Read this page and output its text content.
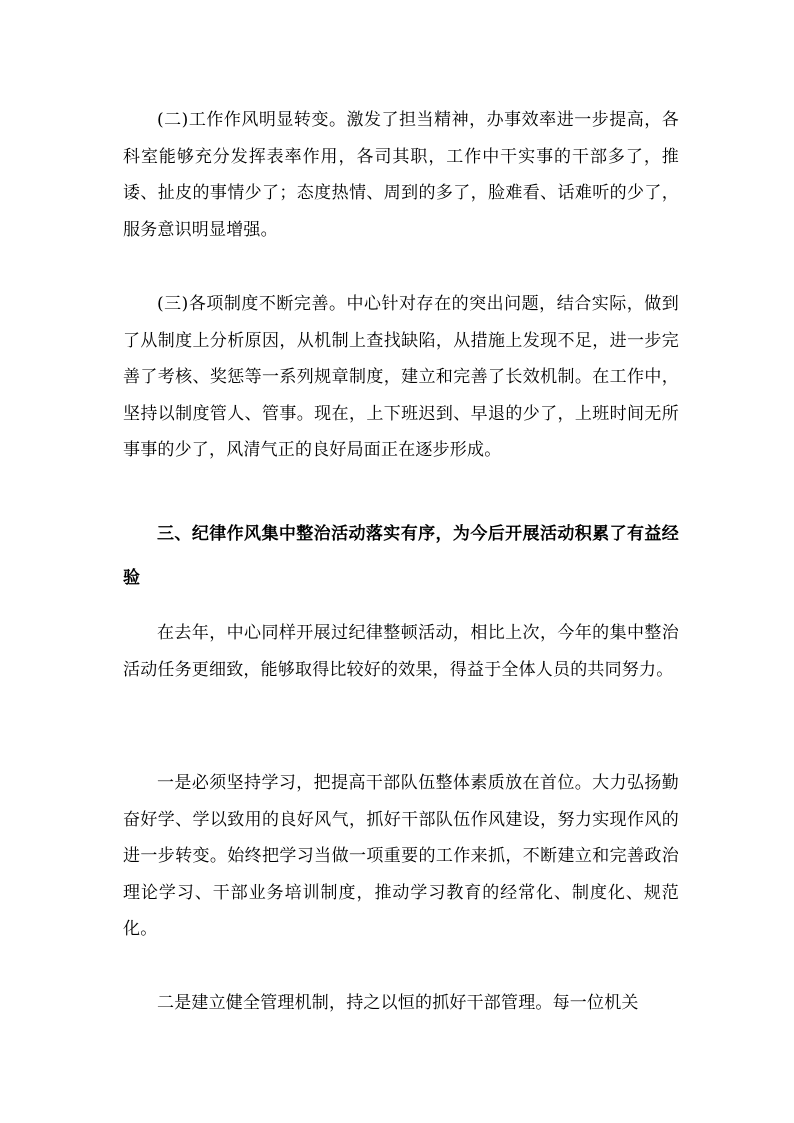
(二)工作作风明显转变。激发了担当精神，办事效率进一步提高，各科室能够充分发挥表率作用，各司其职，工作中干实事的干部多了，推诿、扯皮的事情少了；态度热情、周到的多了，脸难看、话难听的少了，服务意识明显增强。

(三)各项制度不断完善。中心针对存在的突出问题，结合实际，做到了从制度上分析原因，从机制上查找缺陷，从措施上发现不足，进一步完善了考核、奖惩等一系列规章制度，建立和完善了长效机制。在工作中，坚持以制度管人、管事。现在，上下班迟到、早退的少了，上班时间无所事事的少了，风清气正的良好局面正在逐步形成。

三、纪律作风集中整治活动落实有序，为今后开展活动积累了有益经验

在去年，中心同样开展过纪律整顿活动，相比上次，今年的集中整治活动任务更细致，能够取得比较好的效果，得益于全体人员的共同努力。

一是必须坚持学习，把提高干部队伍整体素质放在首位。大力弘扬勤奋好学、学以致用的良好风气，抓好干部队伍作风建设，努力实现作风的进一步转变。始终把学习当做一项重要的工作来抓，不断建立和完善政治理论学习、干部业务培训制度，推动学习教育的经常化、制度化、规范化。

二是建立健全管理机制，持之以恒的抓好干部管理。每一位机关
